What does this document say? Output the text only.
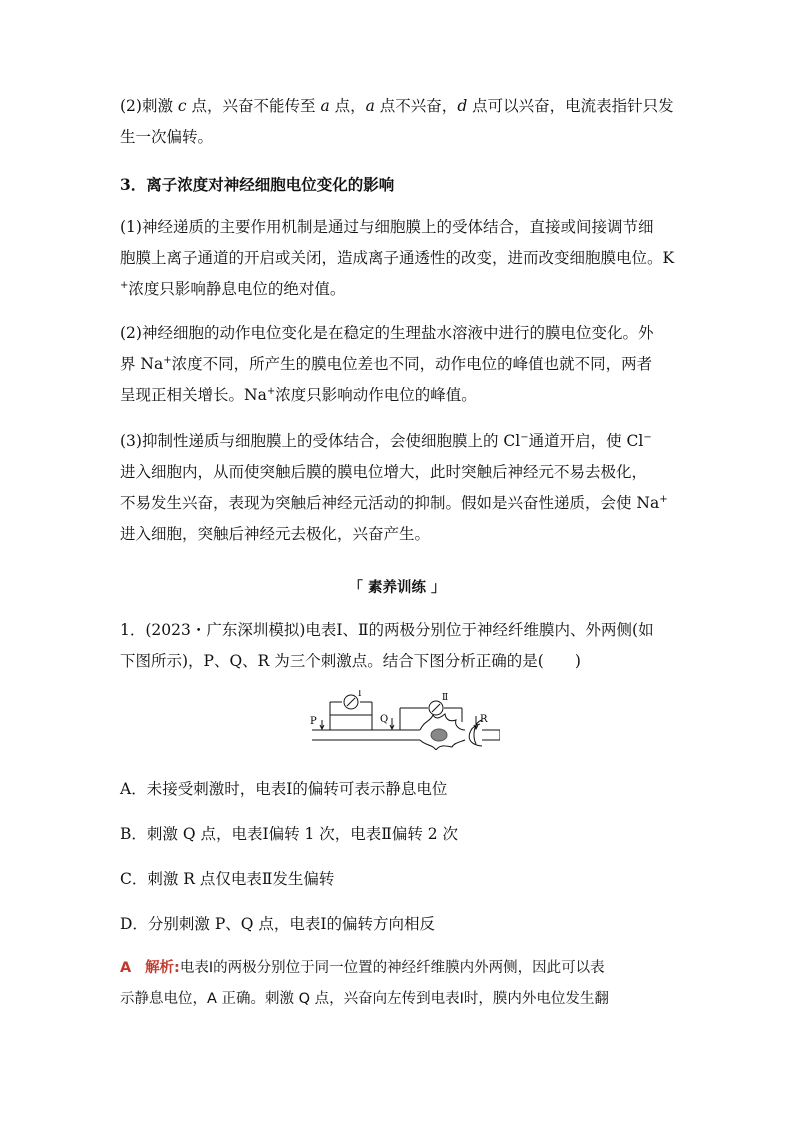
(2)刺激 c 点，兴奋不能传至 a 点，a 点不兴奋，d 点可以兴奋，电流表指针只发
生一次偏转。
3．离子浓度对神经细胞电位变化的影响
(1)神经递质的主要作用机制是通过与细胞膜上的受体结合，直接或间接调节细
胞膜上离子通道的开启或关闭，造成离子通透性的改变，进而改变细胞膜电位。K
+浓度只影响静息电位的绝对值。
(2)神经细胞的动作电位变化是在稳定的生理盐水溶液中进行的膜电位变化。外
界 Na+浓度不同，所产生的膜电位差也不同，动作电位的峰值也就不同，两者
呈现正相关增长。Na+浓度只影响动作电位的峰值。
(3)抑制性递质与细胞膜上的受体结合，会使细胞膜上的 Cl−通道开启，使 Cl−
进入细胞内，从而使突触后膜的膜电位增大，此时突触后神经元不易去极化，
不易发生兴奋，表现为突触后神经元活动的抑制。假如是兴奋性递质，会使 Na+
进入细胞，突触后神经元去极化，兴奋产生。
「 素养训练 」
1．(2023・广东深圳模拟)电表Ⅰ、Ⅱ的两极分别位于神经纤维膜内、外两侧(如
下图所示)，P、Q、R 为三个刺激点。结合下图分析正确的是(　　)
P	Q	R
Ⅰ	Ⅱ
A．未接受刺激时，电表Ⅰ的偏转可表示静息电位
B．刺激 Q 点，电表Ⅰ偏转 1 次，电表Ⅱ偏转 2 次
C．刺激 R 点仅电表Ⅱ发生偏转
D．分别刺激 P、Q 点，电表Ⅰ的偏转方向相反
A 解析:电表Ⅰ的两极分别位于同一位置的神经纤维膜内外两侧，因此可以表
示静息电位，A 正确。刺激 Q 点，兴奋向左传到电表Ⅰ时，膜内外电位发生翻
